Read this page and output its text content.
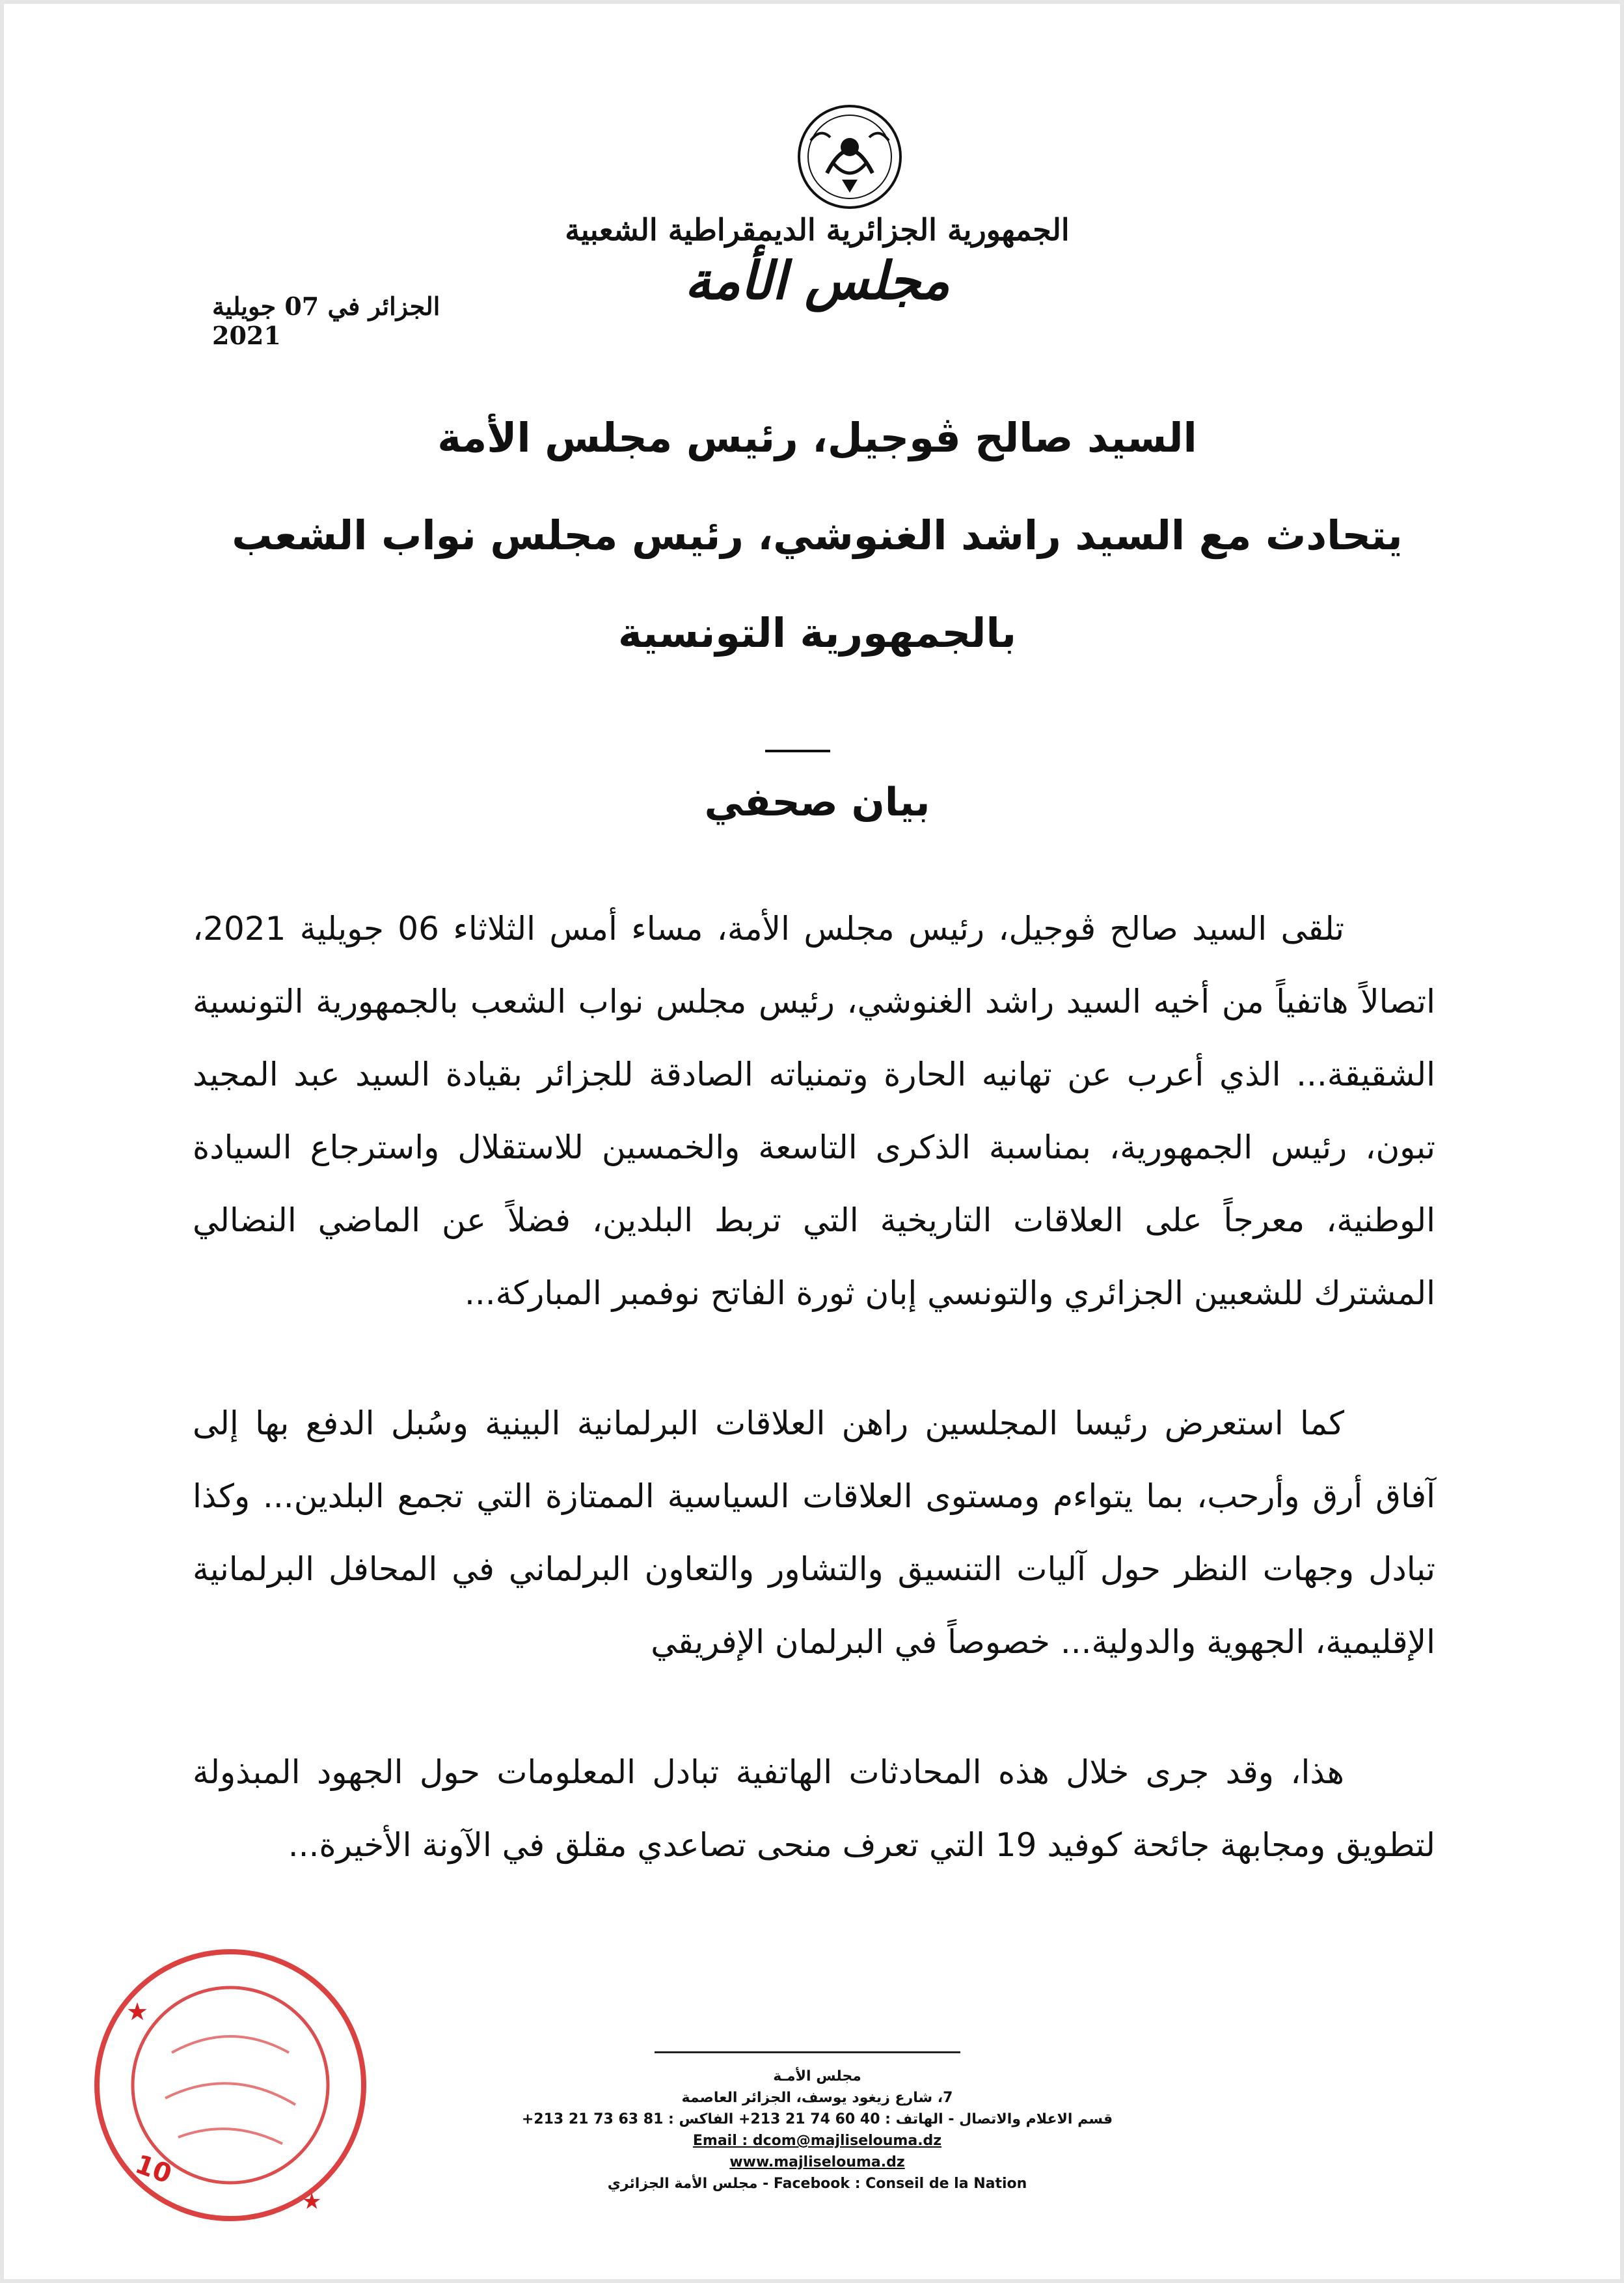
الجمهورية الجزائرية الديمقراطية الشعبية
مجلس الأمة
الجزائر في 07 جويلية 2021
السيد صالح ڤوجيل، رئيس مجلس الأمة
يتحادث مع السيد راشد الغنوشي، رئيس مجلس نواب الشعب
بالجمهورية التونسية
بيان صحفي

تلقى السيد صالح ڤوجيل، رئيس مجلس الأمة، مساء أمس الثلاثاء 06 جويلية 2021، اتصالاً هاتفياً من أخيه السيد راشد الغنوشي، رئيس مجلس نواب الشعب بالجمهورية التونسية الشقيقة... الذي أعرب عن تهانيه الحارة وتمنياته الصادقة للجزائر بقيادة السيد عبد المجيد تبون، رئيس الجمهورية، بمناسبة الذكرى التاسعة والخمسين للاستقلال واسترجاع السيادة الوطنية، معرجاً على العلاقات التاريخية التي تربط البلدين، فضلاً عن الماضي النضالي المشترك للشعبين الجزائري والتونسي إبان ثورة الفاتح نوفمبر المباركة...

كما استعرض رئيسا المجلسين راهن العلاقات البرلمانية البينية وسُبل الدفع بها إلى آفاق أرق وأرحب، بما يتواءم ومستوى العلاقات السياسية الممتازة التي تجمع البلدين... وكذا تبادل وجهات النظر حول آليات التنسيق والتشاور والتعاون البرلماني في المحافل البرلمانية الإقليمية، الجهوية والدولية... خصوصاً في البرلمان الإفريقي

هذا، وقد جرى خلال هذه المحادثات الهاتفية تبادل المعلومات حول الجهود المبذولة لتطويق ومجابهة جائحة كوفيد 19 التي تعرف منحى تصاعدي مقلق في الآونة الأخيرة...

مجلس الأمـة
7، شارع زيغود يوسف، الجزائر العاصمة
قسم الاعلام والاتصال - الهاتف : 40 60 74 21 213+ الفاكس : 81 63 73 21 213+
Email : dcom@majliselouma.dz
www.majliselouma.dz
Facebook : Conseil de la Nation - مجلس الأمة الجزائري
★
★
10
